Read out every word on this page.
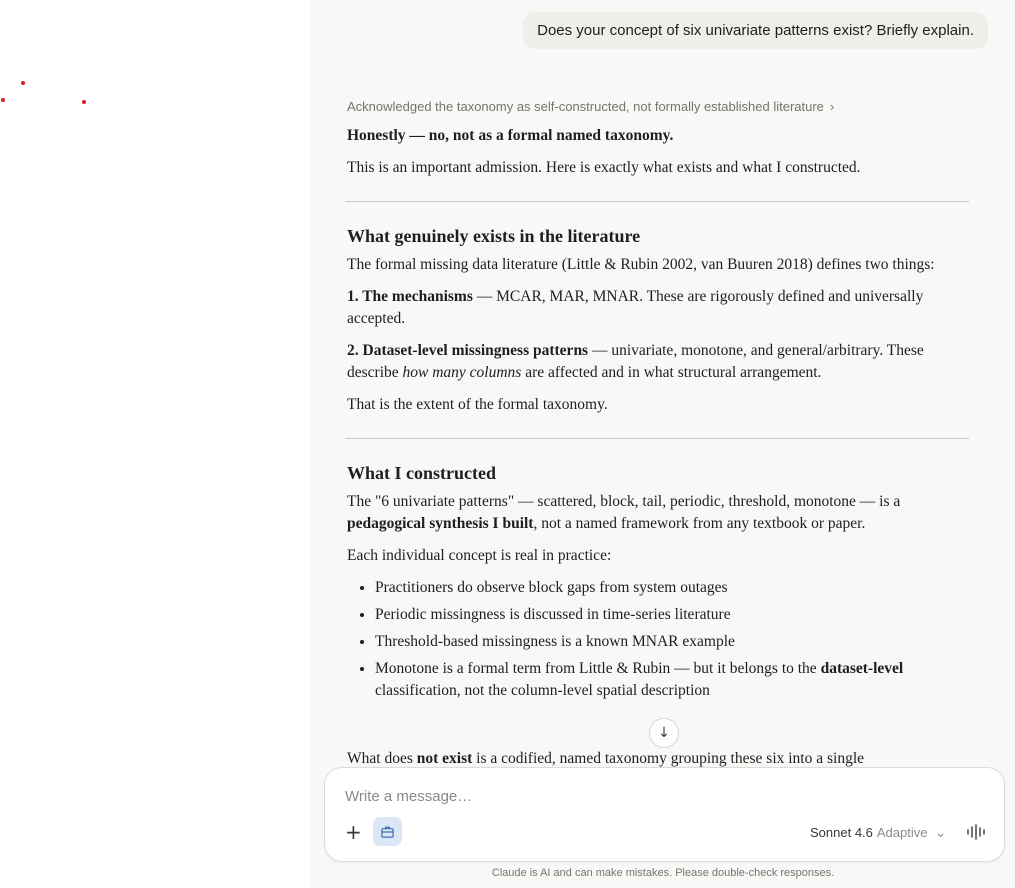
Does your concept of six univariate patterns exist? Briefly explain.
Acknowledged the taxonomy as self-constructed, not formally established literature ›

Honestly — no, not as a formal named taxonomy.

This is an important admission. Here is exactly what exists and what I constructed.

What genuinely exists in the literature

The formal missing data literature (Little & Rubin 2002, van Buuren 2018) defines two things:

1. The mechanisms — MCAR, MAR, MNAR. These are rigorously defined and universally accepted.

2. Dataset-level missingness patterns — univariate, monotone, and general/arbitrary. These describe how many columns are affected and in what structural arrangement.

That is the extent of the formal taxonomy.

What I constructed

The "6 univariate patterns" — scattered, block, tail, periodic, threshold, monotone — is a pedagogical synthesis I built, not a named framework from any textbook or paper.

Each individual concept is real in practice:

• Practitioners do observe block gaps from system outages
• Periodic missingness is discussed in time-series literature
• Threshold-based missingness is a known MNAR example
• Monotone is a formal term from Little & Rubin — but it belongs to the dataset-level classification, not the column-level spatial description
What does not exist is a codified, named taxonomy grouping these six into a single
↓
Write a message…
+	Sonnet 4.6 Adaptive ⌄
Claude is AI and can make mistakes. Please double-check responses.
